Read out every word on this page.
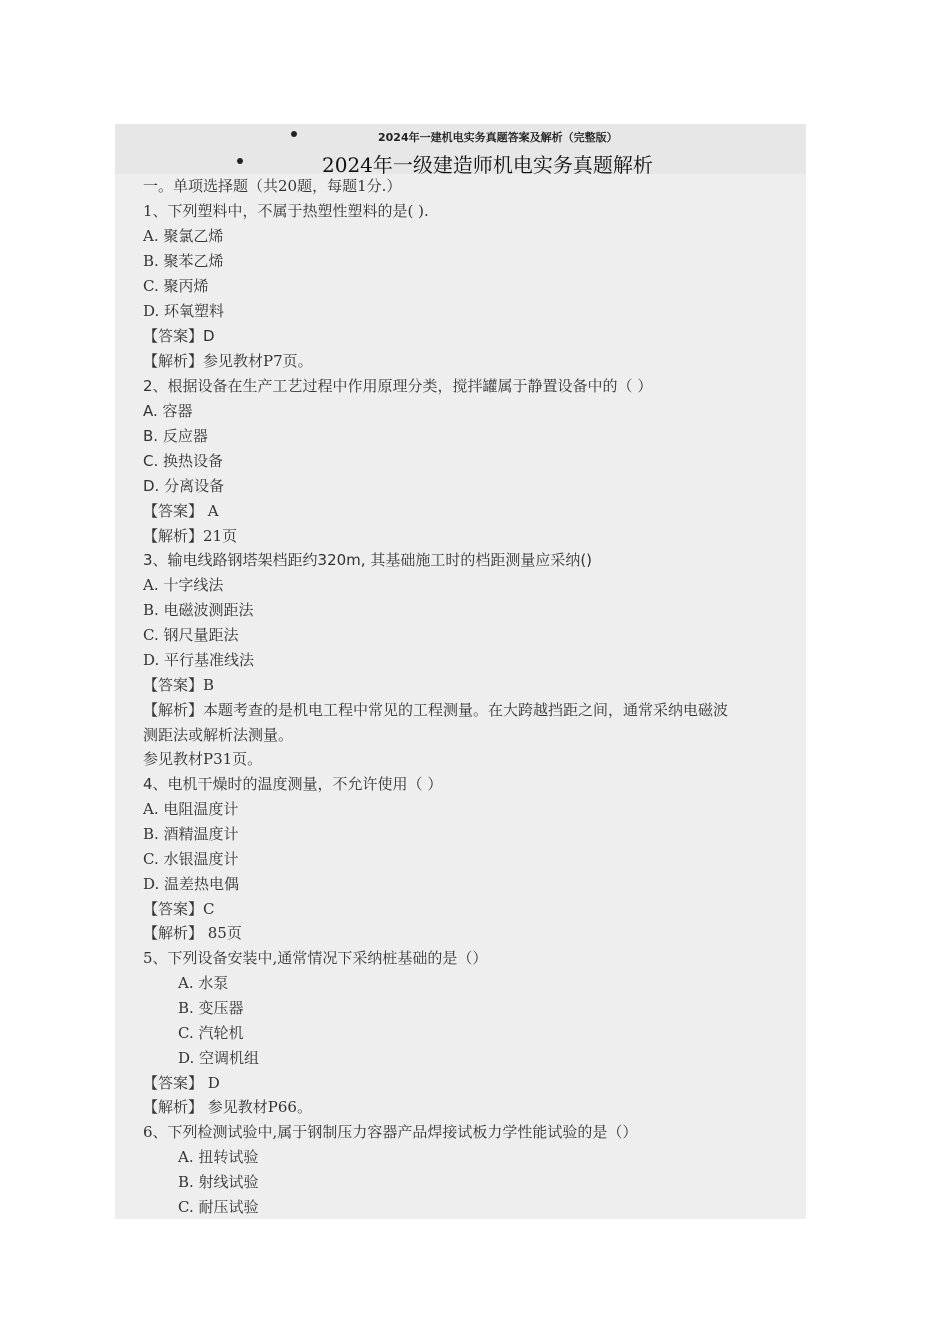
2024年一建机电实务真题答案及解析（完整版）
2024年一级建造师机电实务真题解析
一。单项选择题（共20题，每题1分.）
1、下列塑料中，不属于热塑性塑料的是( ).
A. 聚氯乙烯
B. 聚苯乙烯
C. 聚丙烯
D. 环氧塑料
【答案】D
【解析】参见教材P7页。
2、根据设备在生产工艺过程中作用原理分类，搅拌罐属于静置设备中的（ ）
A. 容器
B. 反应器
C. 换热设备
D. 分离设备
【答案】 A
【解析】21页
3、输电线路钢塔架档距约320m, 其基础施工时的档距测量应采纳()
A. 十字线法
B. 电磁波测距法
C. 钢尺量距法
D. 平行基准线法
【答案】B
【解析】本题考查的是机电工程中常见的工程测量。在大跨越挡距之间，通常采纳电磁波
测距法或解析法测量。
参见教材P31页。
4、电机干燥时的温度测量，不允许使用（ ）
A. 电阻温度计
B. 酒精温度计
C. 水银温度计
D. 温差热电偶
【答案】C
【解析】 85页
5、下列设备安装中,通常情况下采纳桩基础的是（）
A. 水泵
B. 变压器
C. 汽轮机
D. 空调机组
【答案】 D
【解析】 参见教材P66。
6、下列检测试验中,属于钢制压力容器产品焊接试板力学性能试验的是（）
A. 扭转试验
B. 射线试验
C. 耐压试验
